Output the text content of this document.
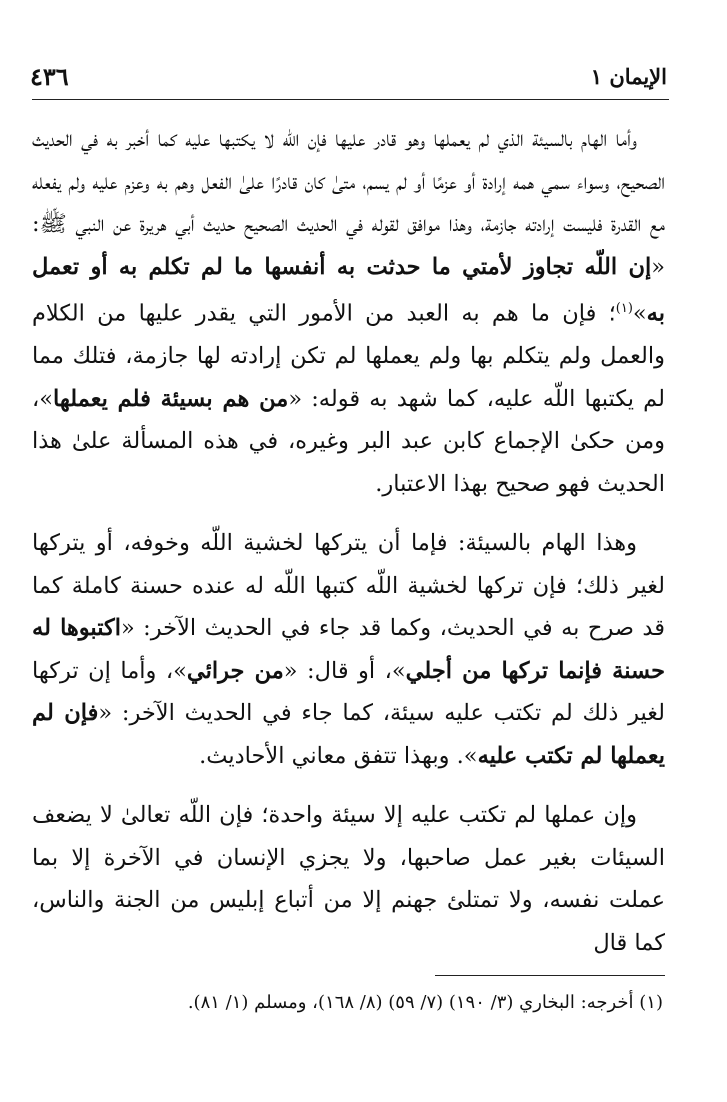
الإيمان ١
٤٣٦

وأما الهام بالسيئة الذي لم يعملها وهو قادر عليها فإن اللّه لا يكتبها عليه كما أخبر به في الحديث الصحيح، وسواء سمي همه إرادة أو عزمًا أو لم يسم، متىٰ كان قادرًا علىٰ الفعل وهم به وعزم عليه ولم يفعله مع القدرة فليست إرادته جازمة، وهذا موافق لقوله في الحديث الصحيح حديث أبي هريرة عن النبي ﷺ: «إن اللّه تجاوز لأمتي ما حدثت به أنفسها ما لم تكلم به أو تعمل به»$^{(١)}$؛ فإن ما هم به العبد من الأمور التي يقدر عليها من الكلام والعمل ولم يتكلم بها ولم يعملها لم تكن إرادته لها جازمة، فتلك مما لم يكتبها اللّه عليه، كما شهد به قوله: «من هم بسيئة فلم يعملها»، ومن حكىٰ الإجماع كابن عبد البر وغيره، في هذه المسألة علىٰ هذا الحديث فهو صحيح بهذا الاعتبار.

وهذا الهام بالسيئة: فإما أن يتركها لخشية اللّه وخوفه، أو يتركها لغير ذلك؛ فإن تركها لخشية اللّه كتبها اللّه له عنده حسنة كاملة كما قد صرح به في الحديث، وكما قد جاء في الحديث الآخر: «اكتبوها له حسنة فإنما تركها من أجلي»، أو قال: «من جرائي»، وأما إن تركها لغير ذلك لم تكتب عليه سيئة، كما جاء في الحديث الآخر: «فإن لم يعملها لم تكتب عليه». وبهذا تتفق معاني الأحاديث.

وإن عملها لم تكتب عليه إلا سيئة واحدة؛ فإن اللّه تعالىٰ لا يضعف السيئات بغير عمل صاحبها، ولا يجزي الإنسان في الآخرة إلا بما عملت نفسه، ولا تمتلئ جهنم إلا من أتباع إبليس من الجنة والناس، كما قال

(١) أخرجه: البخاري (٣/ ١٩٠) (٧/ ٥٩) (٨/ ١٦٨)، ومسلم (١/ ٨١).
